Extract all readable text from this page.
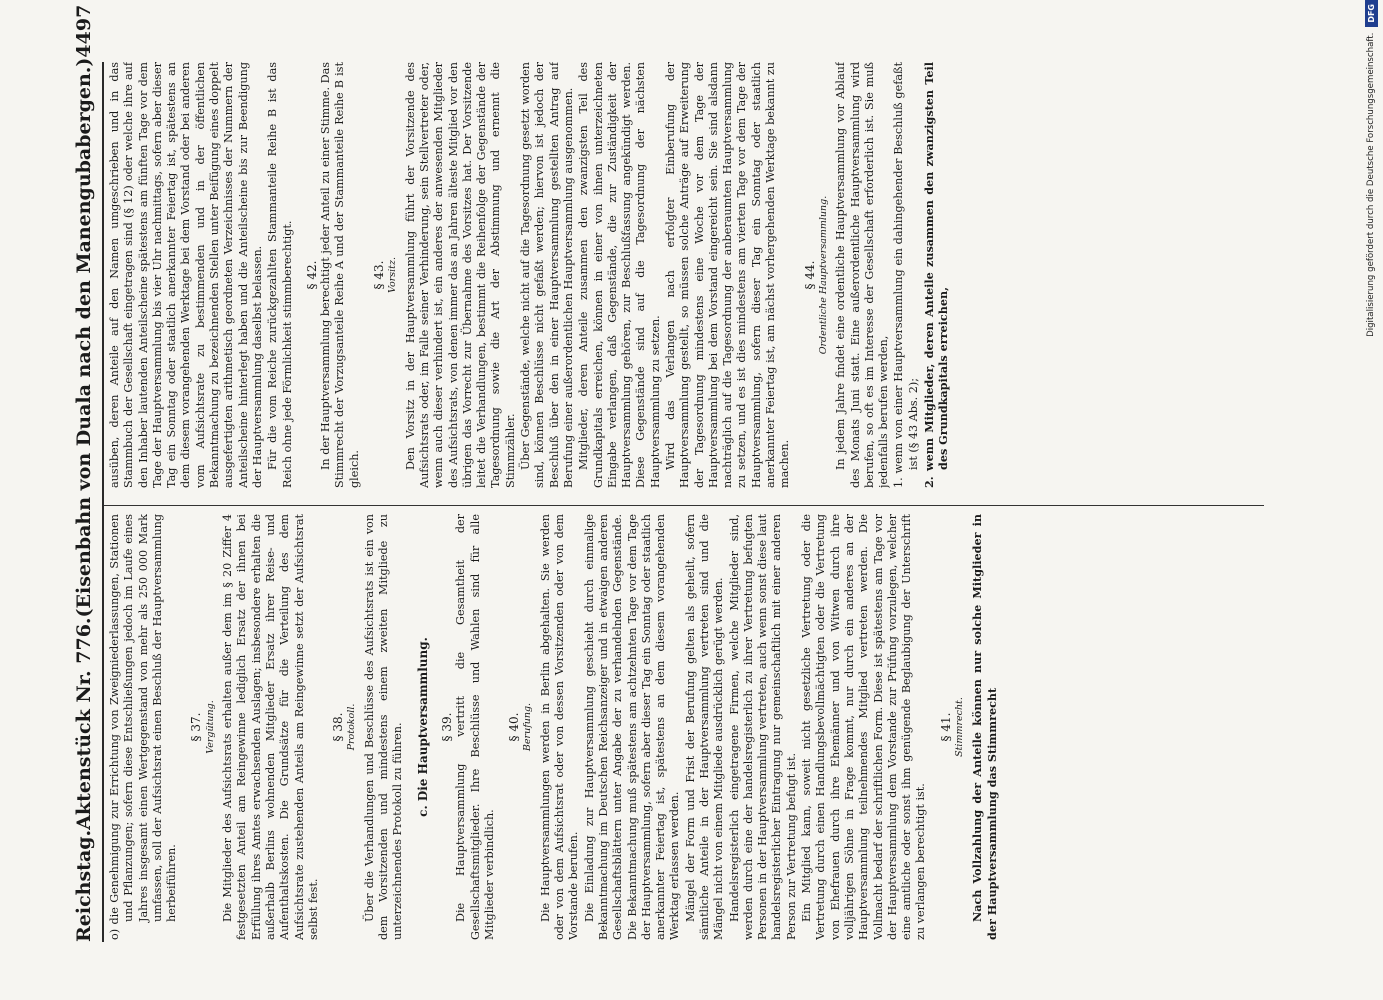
Reichstag.
Aktenstück Nr. 776.
(Eisenbahn von Duala nach den Manengubabergen.)
4497

o) die Genehmigung zur Errichtung von Zweigniederlassungen, Stationen und Pflanzungen; sofern diese Entschließungen jedoch im Laufe eines Jahres insgesamt einen Wertgegenstand von mehr als 250 000 Mark umfassen, soll der Aufsichtsrat einen Beschluß der Hauptversammlung herbeiführen.

§ 37. Vergütung. Die Mitglieder des Aufsichtsrats erhalten außer dem im § 20 Ziffer 4 festgesetzten Anteil am Reingewinne lediglich Ersatz der ihnen bei Erfüllung ihres Amtes erwachsenden Auslagen; insbesondere erhalten die außerhalb Berlins wohnenden Mitglieder Ersatz ihrer Reise- und Aufenthaltskosten. Die Grundsätze für die Verteilung des dem Aufsichtsrate zustehenden Anteils am Reingewinne setzt der Aufsichtsrat selbst fest.

§ 38. Protokoll. Über die Verhandlungen und Beschlüsse des Aufsichtsrats ist ein von dem Vorsitzenden und mindestens einem zweiten Mitgliede zu unterzeichnendes Protokoll zu führen. c. Die Hauptversammlung. § 39. Die Hauptversammlung vertritt die Gesamtheit der Gesellschaftsmitglieder. Ihre Beschlüsse und Wahlen sind für alle Mitglieder verbindlich.

§ 40. Berufung. Die Hauptversammlungen werden in Berlin abgehalten. Sie werden oder von dem Aufsichtsrat oder von dessen Vorsitzenden oder von dem Vorstande berufen. Die Einladung zur Hauptversammlung geschieht durch einmalige Bekanntmachung im Deutschen Reichsanzeiger und in etwaigen anderen Gesellschaftsblättern unter Angabe der zu verhandelnden Gegenstände. Die Bekanntmachung muß spätestens am achtzehnten Tage vor dem Tage der Hauptversammlung, sofern aber dieser Tag ein Sonntag oder staatlich anerkannter Feiertag ist, spätestens an dem diesem vorangehenden Werktag erlassen werden. Mängel der Form und Frist der Berufung gelten als geheilt, sofern sämtliche Anteile in der Hauptversammlung vertreten sind und die Mängel nicht von einem Mitgliede ausdrücklich gerügt werden. Handelsregisterlich eingetragene Firmen, welche Mitglieder sind, werden durch eine der handelsregisterlich zu ihrer Vertretung befugten Personen in der Hauptversammlung vertreten, auch wenn sonst diese laut handelsregisterlicher Eintragung nur gemeinschaftlich mit einer anderen Person zur Vertretung befugt ist. Ein Mitglied kann, soweit nicht gesetzliche Vertretung oder die Vertretung durch einen Handlungsbevollmächtigten oder die Vertretung von Ehefrauen durch ihre Ehemänner und von Witwen durch ihre volljährigen Söhne in Frage kommt, nur durch ein anderes an der Hauptversammlung teilnehmendes Mitglied vertreten werden. Die Vollmacht bedarf der schriftlichen Form. Diese ist spätestens am Tage vor der Hauptversammlung dem Vorstande zur Prüfung vorzulegen, welcher eine amtliche oder sonst ihm genügende Beglaubigung der Unterschrift zu verlangen berechtigt ist.

§ 41. Stimmrecht. Nach Vollzahlung der Anteile können nur solche Mitglieder in der Hauptversammlung das Stimmrecht

ausüben, deren Anteile auf den Namen umgeschrieben und in das Stammbuch der Gesellschaft eingetragen sind (§ 12) oder welche ihre auf den Inhaber lautenden Anteilscheine spätestens am fünften Tage vor dem Tage der Hauptversammlung bis vier Uhr nachmittags, sofern aber dieser Tag ein Sonntag oder staatlich anerkannter Feiertag ist, spätestens an dem diesem vorangehenden Werktage bei dem Vorstand oder bei anderen vom Aufsichtsrate zu bestimmenden und in der öffentlichen Bekanntmachung zu bezeichnenden Stellen unter Beifügung eines doppelt ausgefertigten arithmetisch geordneten Verzeichnisses der Nummern der Anteilscheine hinterlegt haben und die Anteilscheine bis zur Beendigung der Hauptversammlung daselbst belassen. Für die vom Reiche zurückgezahlten Stammanteile Reihe B ist das Reich ohne jede Förmlichkeit stimmberechtigt. § 42. In der Hauptversammlung berechtigt jeder Anteil zu einer Stimme. Das Stimmrecht der Vorzugsanteile Reihe A und der Stammanteile Reihe B ist gleich.

§ 43. Vorsitz. Den Vorsitz in der Hauptversammlung führt der Vorsitzende des Aufsichtsrats oder, im Falle seiner Verhinderung, sein Stellvertreter oder, wenn auch dieser verhindert ist, ein anderes der anwesenden Mitglieder des Aufsichtsrats, von denen immer das an Jahren älteste Mitglied vor den übrigen das Vorrecht zur Übernahme des Vorsitzes hat. Der Vorsitzende leitet die Verhandlungen, bestimmt die Reihenfolge der Gegenstände der Tagesordnung sowie die Art der Abstimmung und ernennt die Stimmzähler. Über Gegenstände, welche nicht auf die Tagesordnung gesetzt worden sind, können Beschlüsse nicht gefaßt werden; hiervon ist jedoch der Beschluß über den in einer Hauptversammlung gestellten Antrag auf Berufung einer außerordentlichen Hauptversammlung ausgenommen. Mitglieder, deren Anteile zusammen den zwanzigsten Teil des Grundkapitals erreichen, können in einer von ihnen unterzeichneten Eingabe verlangen, daß Gegenstände, die zur Zuständigkeit der Hauptversammlung gehören, zur Beschlußfassung angekündigt werden. Diese Gegenstände sind auf die Tagesordnung der nächsten Hauptversammlung zu setzen. Wird das Verlangen nach erfolgter Einberufung der Hauptversammlung gestellt, so müssen solche Anträge auf Erweiterung der Tagesordnung mindestens eine Woche vor dem Tage der Hauptversammlung bei dem Vorstand eingereicht sein. Sie sind alsdann nachträglich auf die Tagesordnung der anberaumten Hauptversammlung zu setzen, und es ist dies mindestens am vierten Tage vor dem Tage der Hauptversammlung, sofern dieser Tag ein Sonntag oder staatlich anerkannter Feiertag ist, am nächst vorhergehenden Werktage bekannt zu machen.

§ 44. Ordentliche Hauptversammlung. In jedem Jahre findet eine ordentliche Hauptversammlung vor Ablauf des Monats Juni statt. Eine außerordentliche Hauptversammlung wird berufen, so oft es im Interesse der Gesellschaft erforderlich ist. Sie muß jedenfalls berufen werden, 1. wenn von einer Hauptversammlung ein dahingehender Beschluß gefaßt ist (§ 43 Abs. 2); 2. wenn Mitglieder, deren Anteile zusammen den zwanzigsten Teil des Grundkapitals erreichen,

Digitalisierung gefördert durch die Deutsche Forschungsgemeinschaft.
DFG
